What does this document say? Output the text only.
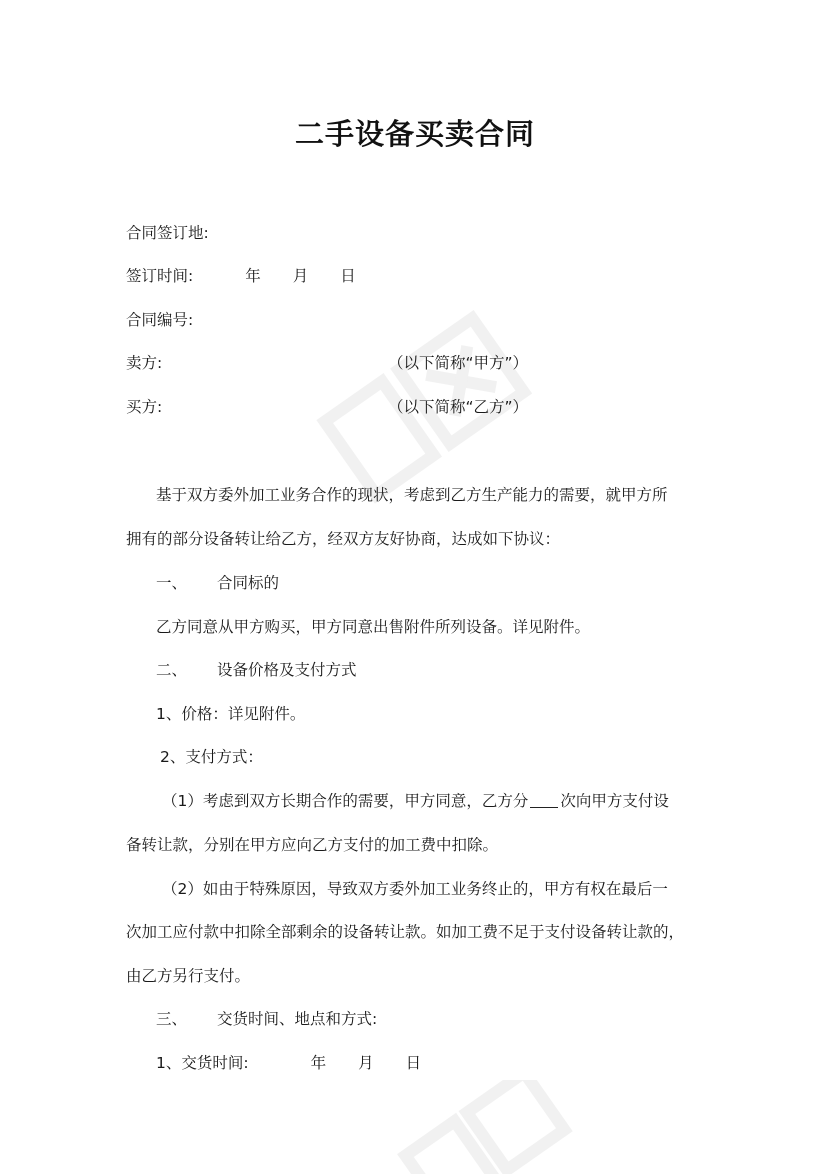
二手设备买卖合同
合同签订地:
签订时间:	年 月 日
合同编号:
卖方:	（以下简称“甲方”）
买方:	（以下简称“乙方”）
基于双方委外加工业务合作的现状，考虑到乙方生产能力的需要，就甲方所
拥有的部分设备转让给乙方，经双方友好协商，达成如下协议：
一、 合同标的
乙方同意从甲方购买，甲方同意出售附件所列设备。详见附件。
二、 设备价格及支付方式
1、价格：详见附件。
2、支付方式：
（1）考虑到双方长期合作的需要，甲方同意，乙方分 次向甲方支付设
备转让款，分别在甲方应向乙方支付的加工费中扣除。
（2）如由于特殊原因，导致双方委外加工业务终止的，甲方有权在最后一
次加工应付款中扣除全部剩余的设备转让款。如加工费不足于支付设备转让款的，
由乙方另行支付。
三、 交货时间、地点和方式:
1、交货时间:	年 月 日
